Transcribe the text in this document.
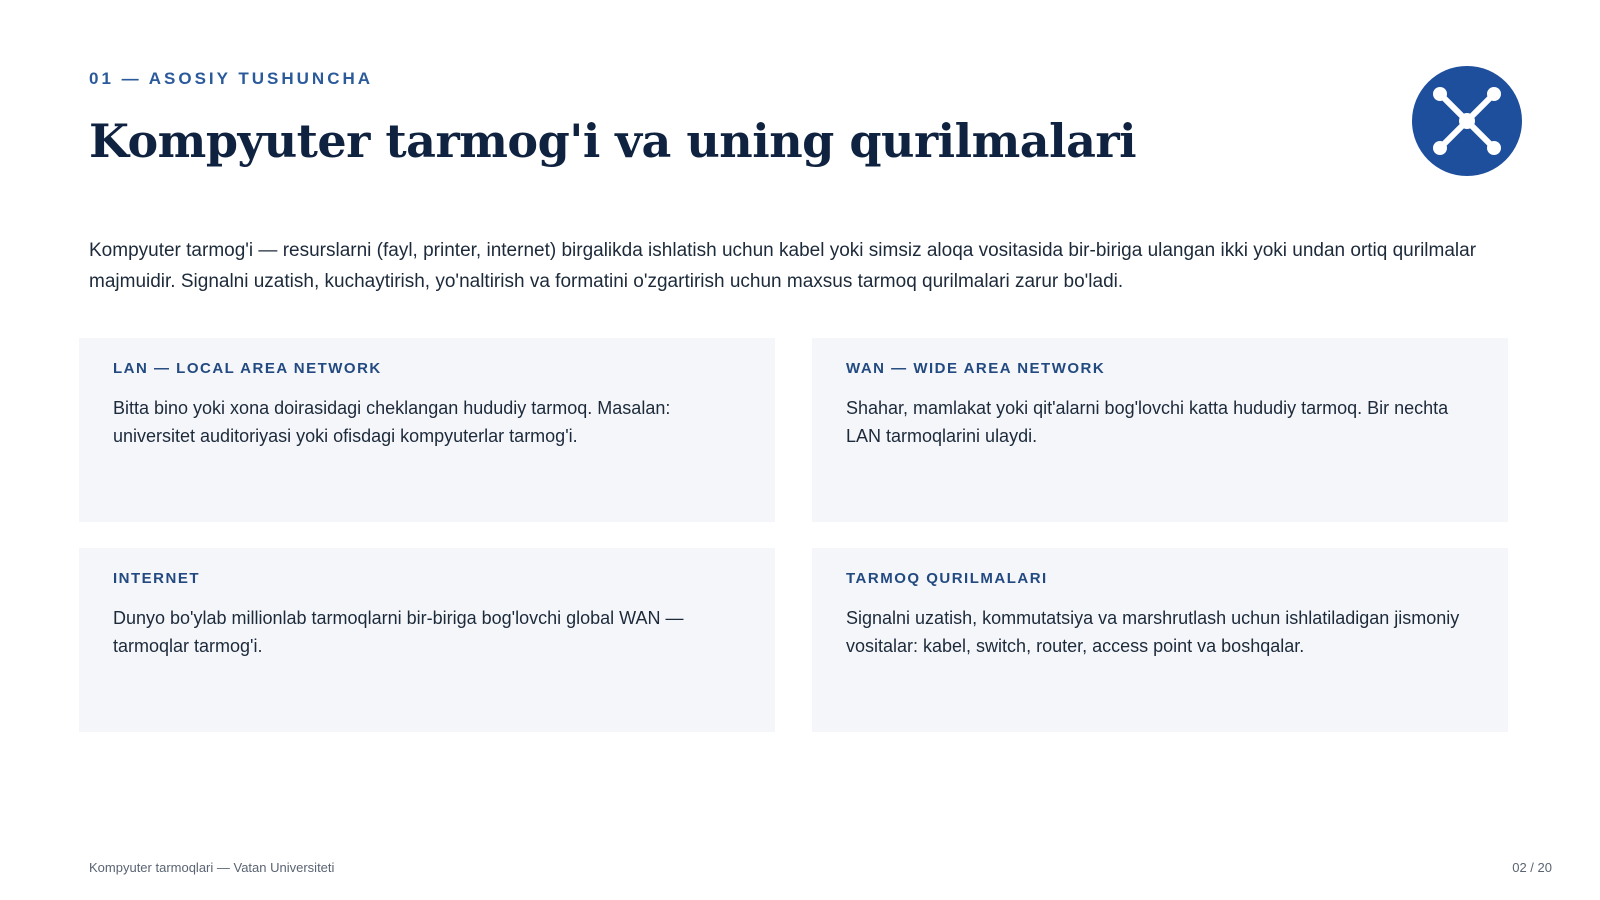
01 — ASOSIY TUSHUNCHA
Kompyuter tarmog'i va uning qurilmalari

Kompyuter tarmog'i — resurslarni (fayl, printer, internet) birgalikda ishlatish uchun kabel yoki simsiz aloqa vositasida bir-biriga ulangan ikki yoki undan ortiq qurilmalar majmuidir. Signalni uzatish, kuchaytirish, yo'naltirish va formatini o'zgartirish uchun maxsus tarmoq qurilmalari zarur bo'ladi.

LAN — LOCAL AREA NETWORK

Bitta bino yoki xona doirasidagi cheklangan hududiy tarmoq. Masalan: universitet auditoriyasi yoki ofisdagi kompyuterlar tarmog'i.

WAN — WIDE AREA NETWORK

Shahar, mamlakat yoki qit'alarni bog'lovchi katta hududiy tarmoq. Bir nechta LAN tarmoqlarini ulaydi.

INTERNET

Dunyo bo'ylab millionlab tarmoqlarni bir-biriga bog'lovchi global WAN — tarmoqlar tarmog'i.

TARMOQ QURILMALARI

Signalni uzatish, kommutatsiya va marshrutlash uchun ishlatiladigan jismoniy vositalar: kabel, switch, router, access point va boshqalar.

Kompyuter tarmoqlari — Vatan Universiteti	02 / 20
